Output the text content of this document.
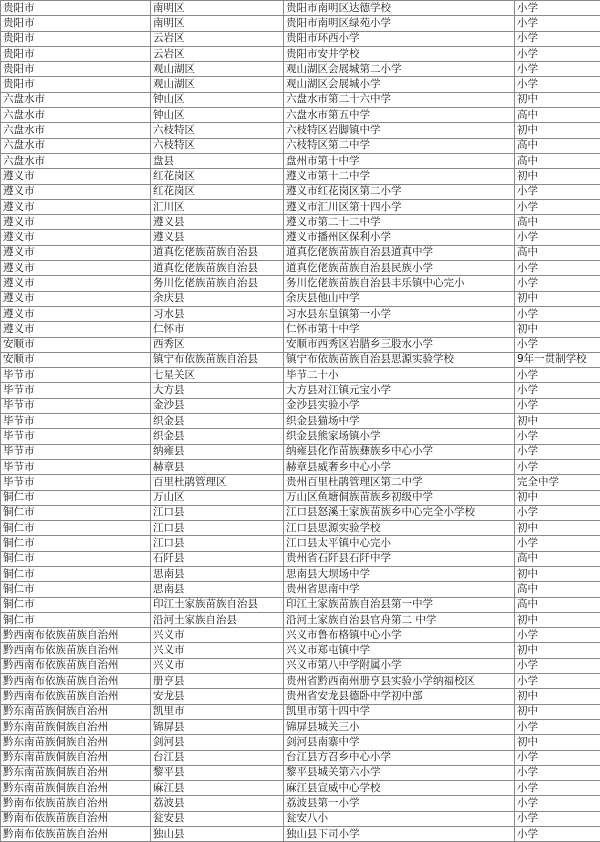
贵阳市	南明区	贵阳市南明区达德学校	小学
贵阳市	南明区	贵阳市南明区绿苑小学	小学
贵阳市	云岩区	贵阳市环西小学	小学
贵阳市	云岩区	贵阳市安井学校	小学
贵阳市	观山湖区	观山湖区会展城第二小学	小学
贵阳市	观山湖区	观山湖区会展城小学	小学
六盘水市	钟山区	六盘水市第二十六中学	初中
六盘水市	钟山区	六盘水市第五中学	高中
六盘水市	六枝特区	六枝特区岩脚镇中学	初中
六盘水市	六枝特区	六枝特区第二中学	高中
六盘水市	盘县	盘州市第十中学	高中
遵义市	红花岗区	遵义市第十二中学	初中
遵义市	红花岗区	遵义市红花岗区第二小学	小学
遵义市	汇川区	遵义市汇川区第十四小学	小学
遵义市	遵义县	遵义市第二十二中学	高中
遵义市	遵义县	遵义市播州区保利小学	小学
遵义市	道真仡佬族苗族自治县	道真仡佬族苗族自治县道真中学	高中
遵义市	道真仡佬族苗族自治县	道真仡佬族苗族自治县民族小学	小学
遵义市	务川仡佬族苗族自治县	务川仡佬族苗族自治县丰乐镇中心完小	小学
遵义市	余庆县	余庆县他山中学	初中
遵义市	习水县	习水县东皇镇第一小学	小学
遵义市	仁怀市	仁怀市第十中学	初中
安顺市	西秀区	安顺市西秀区岩腊乡三股水小学	小学
安顺市	镇宁布依族苗族自治县	镇宁布依族苗族自治县思源实验学校	9年一贯制学校
毕节市	七星关区	毕节二十小	小学
毕节市	大方县	大方县对江镇元宝小学	小学
毕节市	金沙县	金沙县实验小学	小学
毕节市	织金县	织金县猫场中学	初中
毕节市	织金县	织金县熊家场镇小学	小学
毕节市	纳雍县	纳雍县化作苗族彝族乡中心小学	小学
毕节市	赫章县	赫章县威奢乡中心小学	小学
毕节市	百里杜鹃管理区	贵州百里杜鹃管理区第二中学	完全中学
铜仁市	万山区	万山区鱼塘侗族苗族乡初级中学	初中
铜仁市	江口县	江口县怒溪土家族苗族乡中心完全小学校	小学
铜仁市	江口县	江口县思源实验学校	初中
铜仁市	江口县	江口县太平镇中心完小	小学
铜仁市	石阡县	贵州省石阡县石阡中学	高中
铜仁市	思南县	思南县大坝场中学	初中
铜仁市	思南县	贵州省思南中学	高中
铜仁市	印江土家族苗族自治县	印江土家族苗族自治县第一中学	高中
铜仁市	沿河土家族自治县	沿河土家族自治县官舟第二 中学	初中
黔西南布依族苗族自治州	兴义市	兴义市鲁布格镇中心小学	小学
黔西南布依族苗族自治州	兴义市	兴义市郑屯镇中学	初中
黔西南布依族苗族自治州	兴义市	兴义市第八中学附属小学	小学
黔西南布依族苗族自治州	册亨县	贵州省黔西南州册亨县实验小学纳福校区	小学
黔西南布依族苗族自治州	安龙县	贵州省安龙县德卧中学初中部	初中
黔东南苗族侗族自治州	凯里市	凯里市第十四中学	初中
黔东南苗族侗族自治州	锦屏县	锦屏县城关三小	小学
黔东南苗族侗族自治州	剑河县	剑河县南寨中学	初中
黔东南苗族侗族自治州	台江县	台江县方召乡中心小学	小学
黔东南苗族侗族自治州	黎平县	黎平县城关第六小学	小学
黔东南苗族侗族自治州	麻江县	麻江县宣威中心学校	小学
黔南布依族苗族自治州	荔波县	荔波县第一小学	小学
黔南布依族苗族自治州	瓮安县	瓮安八小	小学
黔南布依族苗族自治州	独山县	独山县下司小学	小学
